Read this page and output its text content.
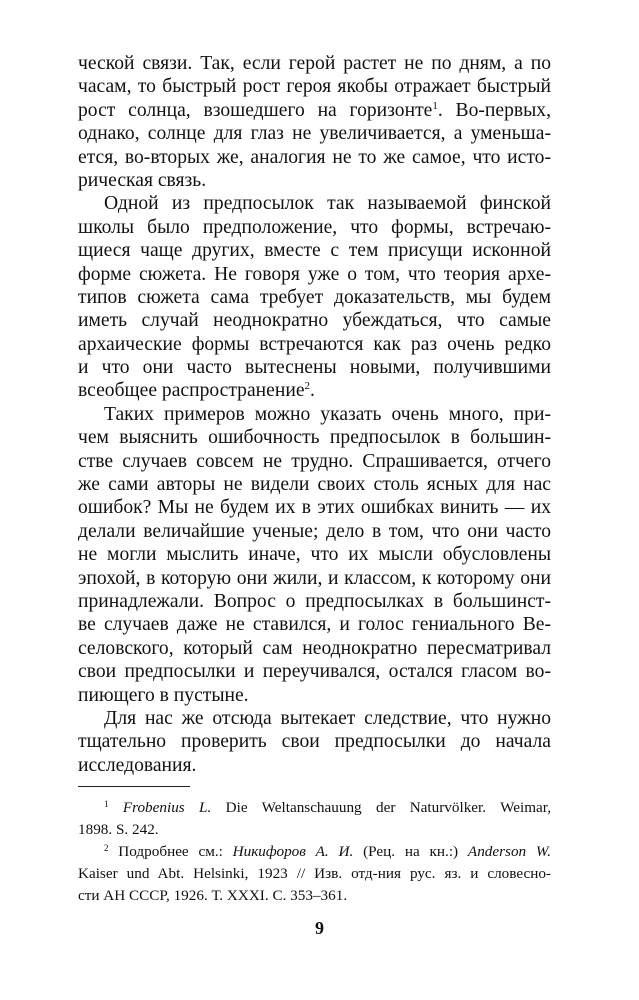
ческой связи. Так, если герой растет не по дням, а по
часам, то быстрый рост героя якобы отражает быстрый
рост солнца, взошедшего на горизонте$^1$. Во-первых,
однако, солнце для глаз не увеличивается, а уменьша-
ется, во-вторых же, аналогия не то же самое, что исто-
рическая связь.
Одной из предпосылок так называемой финской
школы было предположение, что формы, встречаю-
щиеся чаще других, вместе с тем присущи исконной
форме сюжета. Не говоря уже о том, что теория архе-
типов сюжета сама требует доказательств, мы будем
иметь случай неоднократно убеждаться, что самые
архаические формы встречаются как раз очень редко
и что они часто вытеснены новыми, получившими
всеобщее распространение$^2$.
Таких примеров можно указать очень много, при-
чем выяснить ошибочность предпосылок в большин-
стве случаев совсем не трудно. Спрашивается, отчего
же сами авторы не видели своих столь ясных для нас
ошибок? Мы не будем их в этих ошибках винить — их
делали величайшие ученые; дело в том, что они часто
не могли мыслить иначе, что их мысли обусловлены
эпохой, в которую они жили, и классом, к которому они
принадлежали. Вопрос о предпосылках в большинст-
ве случаев даже не ставился, и голос гениального Ве-
селовского, который сам неоднократно пересматривал
свои предпосылки и переучивался, остался гласом во-
пиющего в пустыне.
Для нас же отсюда вытекает следствие, что нужно
тщательно проверить свои предпосылки до начала
исследования.
$^1$ Frobenius L. Die Weltanschauung der Naturvölker. Weimar,
1898. S. 242.
$^2$ Подробнее см.: Никифоров А. И. (Рец. на кн.:) Anderson W.
Kaiser und Abt. Helsinki, 1923 // Изв. отд-ния рус. яз. и словесно-
сти АН СССР, 1926. Т. XXXI. С. 353–361.
9
